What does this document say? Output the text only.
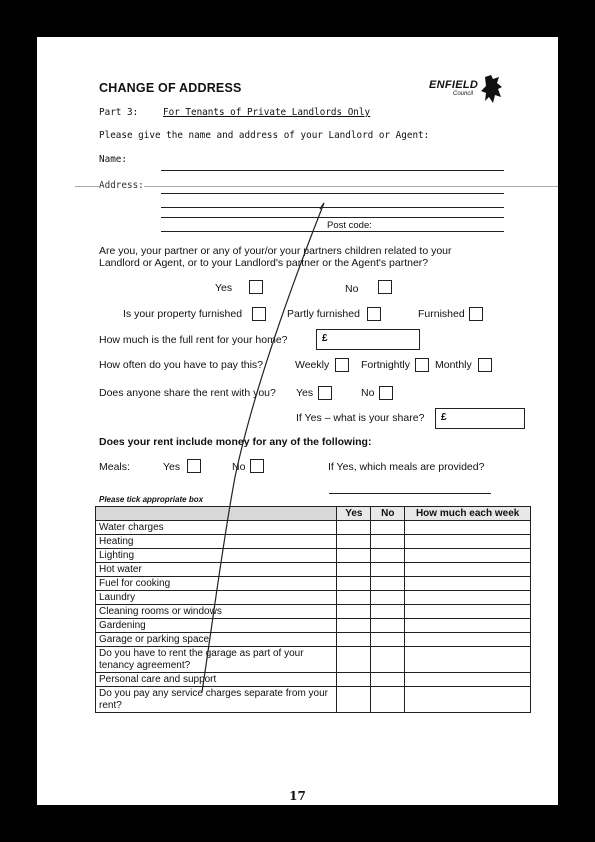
CHANGE OF ADDRESS	ENFIELD
Council
Part 3:	For Tenants of Private Landlords Only
Please give the name and address of your Landlord or Agent:
Name:
Address:
Post code:
Are you, your partner or any of your/or your partners children related to your
Landlord or Agent, or to your Landlord's partner or the Agent's partner?
Yes	No
Is your property furnished	Partly furnished	Furnished
How much is the full rent for your home?	£
How often do you have to pay this?	Weekly	Fortnightly Monthly
Does anyone share the rent with you? Yes	No
If Yes – what is your share?	£
Does your rent include money for any of the following:
Meals:	Yes	No	If Yes, which meals are provided?
Please tick appropriate box
	Yes	No	How much each week
Water charges			
Heating			
Lighting			
Hot water			
Fuel for cooking			
Laundry			
Cleaning rooms or windows			
Gardening			
Garage or parking space			
Do you have to rent the garage as part of your tenancy agreement?			
Personal care and support			
Do you pay any service charges separate from your rent?			
17
